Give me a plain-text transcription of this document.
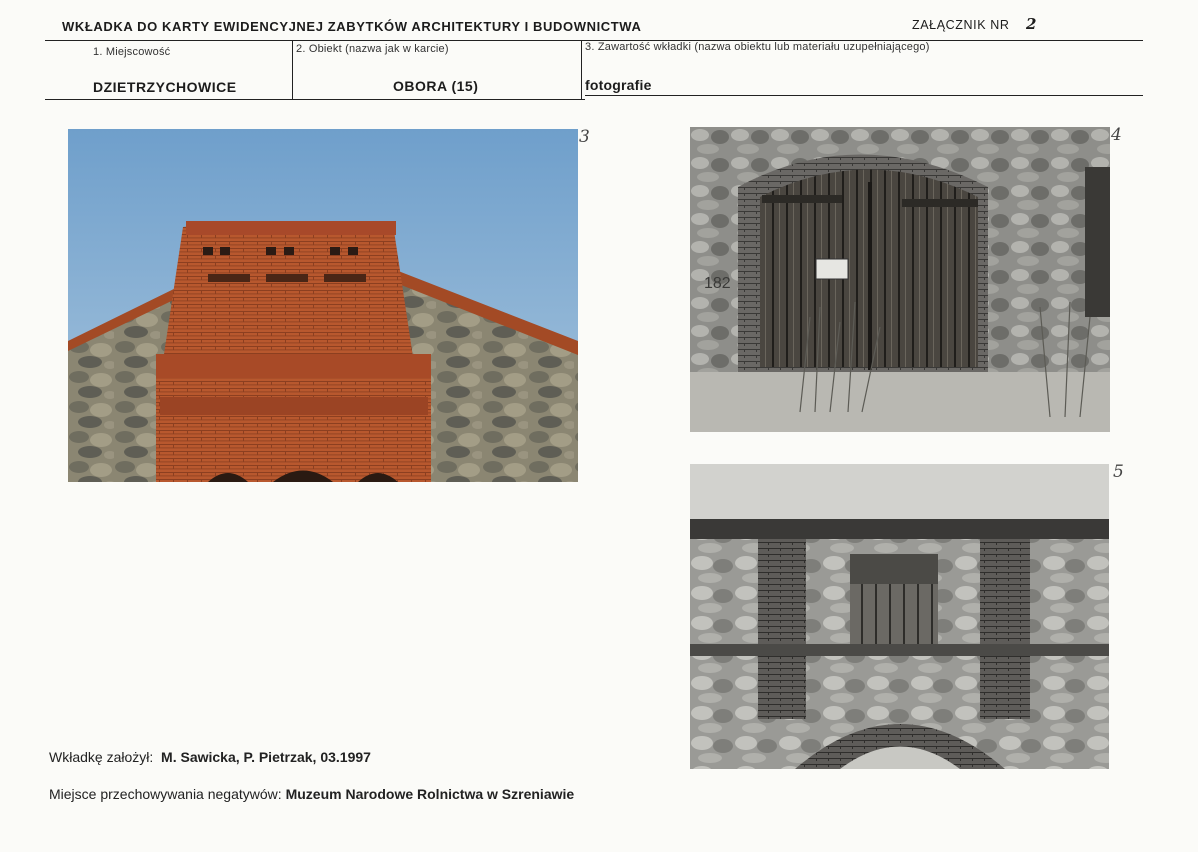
WKŁADKA DO KARTY EWIDENCYJNEJ ZABYTKÓW ARCHITEKTURY I BUDOWNICTWA	ZAŁĄCZNIK NR 2
1. Miejscowość
DZIETRZYCHOWICE
2. Obiekt (nazwa jak w karcie)
OBORA (15)
3. Zawartość wkładki (nazwa obiektu lub materiału uzupełniającego)
fotografie
3
182
4
5
Wkładkę założył: M. Sawicka, P. Pietrzak, 03.1997
Miejsce przechowywania negatywów: Muzeum Narodowe Rolnictwa w Szreniawie
